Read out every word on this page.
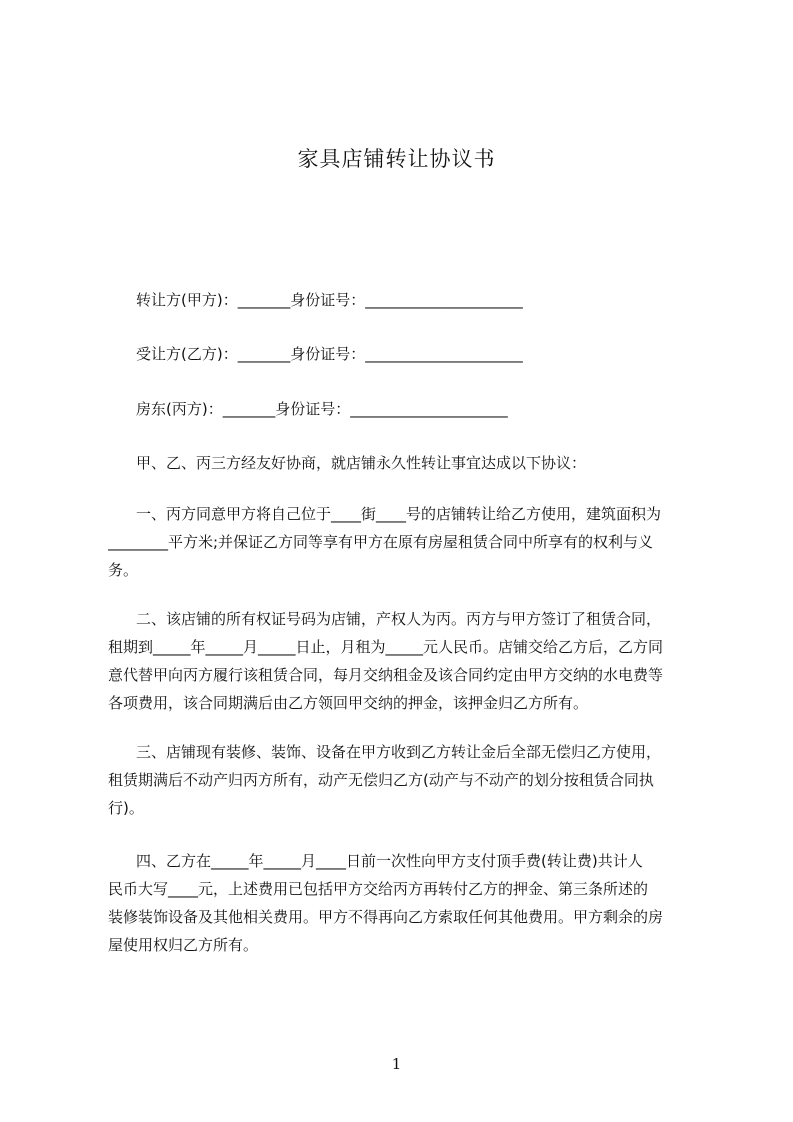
家具店铺转让协议书
转让方(甲方)：_______身份证号：_____________________
受让方(乙方)：_______身份证号：_____________________
房东(丙方)：_______身份证号：_____________________
甲、乙、丙三方经友好协商，就店铺永久性转让事宜达成以下协议：
一、丙方同意甲方将自己位于____街____号的店铺转让给乙方使用，建筑面积为
________平方米;并保证乙方同等享有甲方在原有房屋租赁合同中所享有的权利与义
务。
二、该店铺的所有权证号码为店铺，产权人为丙。丙方与甲方签订了租赁合同，
租期到_____年_____月_____日止，月租为_____元人民币。店铺交给乙方后，乙方同
意代替甲向丙方履行该租赁合同，每月交纳租金及该合同约定由甲方交纳的水电费等
各项费用，该合同期满后由乙方领回甲交纳的押金，该押金归乙方所有。
三、店铺现有装修、装饰、设备在甲方收到乙方转让金后全部无偿归乙方使用，
租赁期满后不动产归丙方所有，动产无偿归乙方(动产与不动产的划分按租赁合同执
行)。
四、乙方在_____年_____月____日前一次性向甲方支付顶手费(转让费)共计人
民币大写____元，上述费用已包括甲方交给丙方再转付乙方的押金、第三条所述的
装修装饰设备及其他相关费用。甲方不得再向乙方索取任何其他费用。甲方剩余的房
屋使用权归乙方所有。
1
